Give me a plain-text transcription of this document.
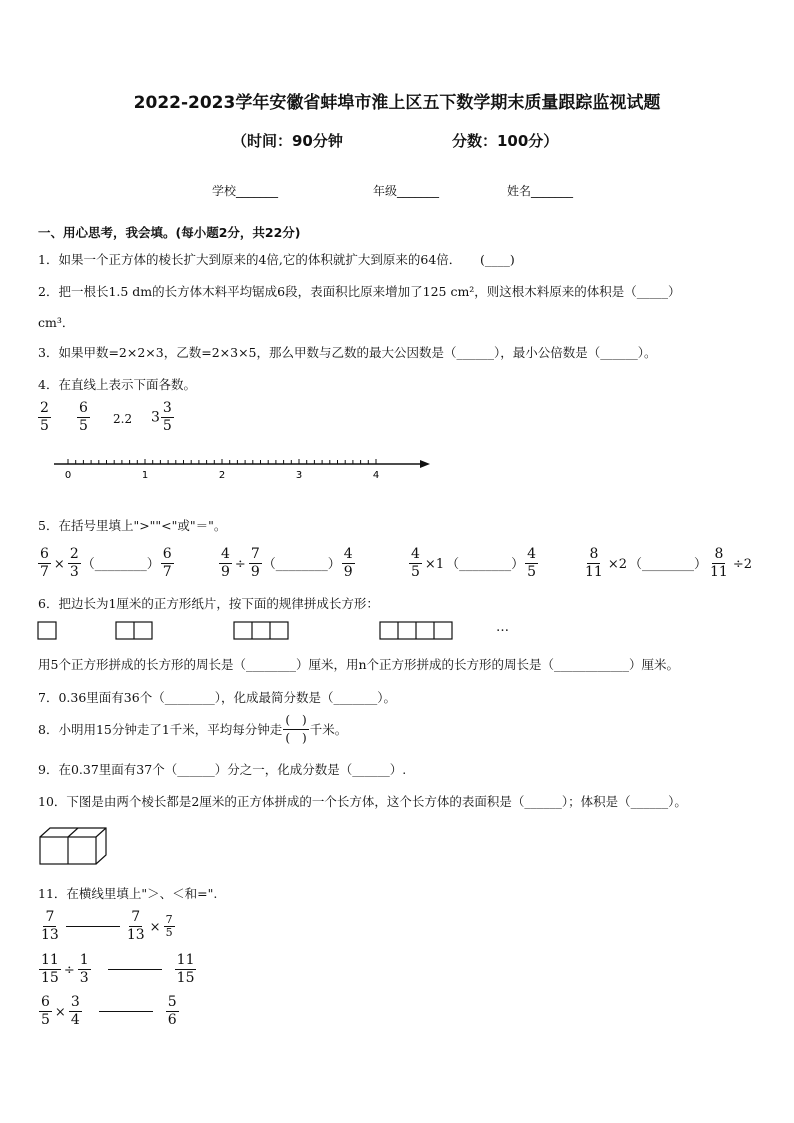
2022-2023学年安徽省蚌埠市淮上区五下数学期末质量跟踪监视试题
（时间：90分钟	分数：100分）
学校_______	年级_______	姓名_______
一、用心思考，我会填。(每小题2分，共22分)
1．如果一个正方体的棱长扩大到原来的4倍,它的体积就扩大到原来的64倍．　　(____)
2．把一根长1.5 dm的长方体木料平均锯成6段，表面积比原来增加了125 cm²，则这根木料原来的体积是（_____）
cm³．
3．如果甲数=2×2×3，乙数=2×3×5，那么甲数与乙数的最大公因数是（______），最小公倍数是（______）。
4．在直线上表示下面各数。
$\frac{2}{5} \frac{6}{5} 2.2$ $3 \frac{3}{5}$
0	1	2	3	4
5．在括号里填上">""<"或"＝"。
$\frac{6}{7} \times \frac{2}{3}$ （________） $\frac{6}{7}$	$\frac{4}{9} \div \frac{7}{9}$ （________） $\frac{4}{9}$	$\frac{4}{5} \times 1$ （________） $\frac{4}{5}$	$\frac{8}{11} \times 2$ （________） $\frac{8}{11} \div 2$
6．把边长为1厘米的正方形纸片，按下面的规律拼成长方形：
…
用5个正方形拼成的长方形的周长是（________）厘米，用n个正方形拼成的长方形的周长是（____________）厘米。
7．0.36里面有36个（________），化成最简分数是（_______）。
8．小明用15分钟走了1千米，平均每分钟走 $\frac{( )}{( )}$ 千米。
9．在0.37里面有37个（______）分之一，化成分数是（______）.
10．下图是由两个棱长都是2厘米的正方体拼成的一个长方体，这个长方体的表面积是（______）；体积是（______）。
11．在横线里填上"＞、＜和=".
$\frac{7}{13}$	$\frac{7}{13} \times \frac{7}{5}$
$\frac{11}{15} \div \frac{1}{3}$	$\frac{11}{15}$
$\frac{6}{5} \times \frac{3}{4}$	$\frac{5}{6}$
